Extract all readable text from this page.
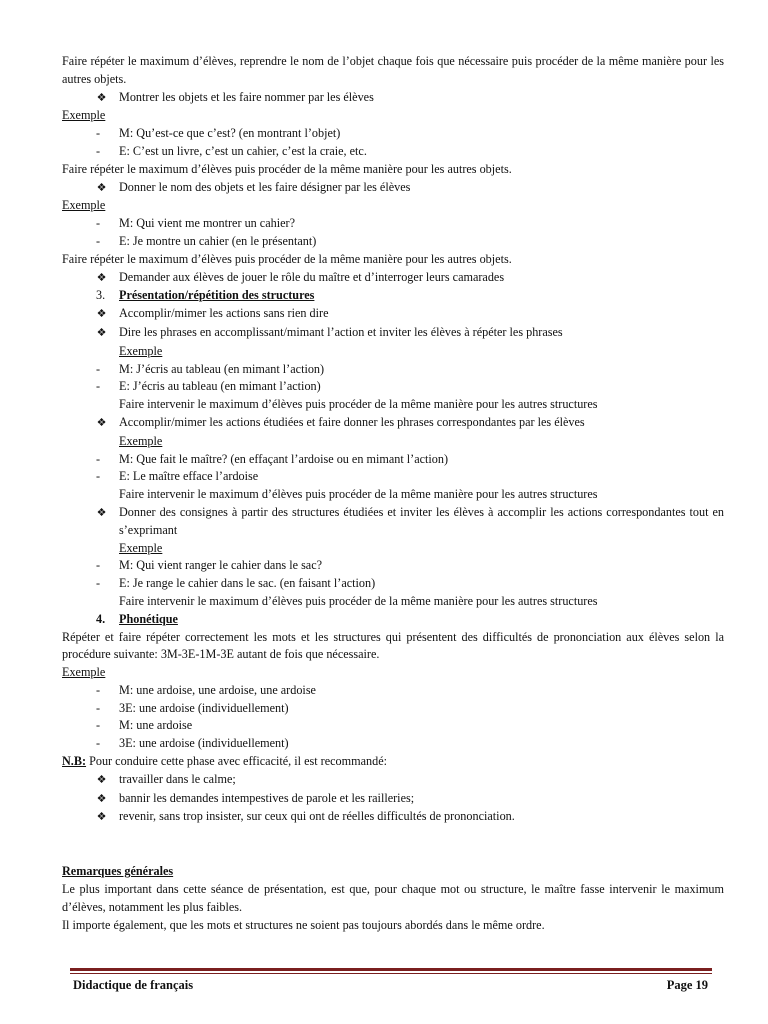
Faire répéter le maximum d’élèves, reprendre le nom de l’objet chaque fois que nécessaire puis procéder de la même manière pour les autres objets.

❖	Montrer les objets et les faire nommer par les élèves

Exemple

-	M: Qu’est-ce que c’est? (en montrant l’objet)
-	E: C’est un livre, c’est un cahier, c’est la craie, etc.

Faire répéter le maximum d’élèves puis procéder de la même manière pour les autres objets.

❖	Donner le nom des objets et les faire désigner par les élèves

Exemple

-	M: Qui vient me montrer un cahier?
-	E: Je montre un cahier (en le présentant)

Faire répéter le maximum d’élèves puis procéder de la même manière pour les autres objets.

❖	Demander aux élèves de jouer le rôle du maître et d’interroger leurs camarades
3.	Présentation/répétition des structures
❖	Accomplir/mimer les actions sans rien dire
❖	Dire les phrases en accomplissant/mimant l’action et inviter les élèves à répéter les phrases

Exemple

-	M: J’écris au tableau (en mimant l’action)
-	E: J’écris au tableau (en mimant l’action)

Faire intervenir le maximum d’élèves puis procéder de la même manière pour les autres structures

❖	Accomplir/mimer les actions étudiées et faire donner les phrases correspondantes par les élèves

Exemple

-	M: Que fait le maître? (en effaçant l’ardoise ou en mimant l’action)
-	E: Le maître efface l’ardoise

Faire intervenir le maximum d’élèves puis procéder de la même manière pour les autres structures

❖	Donner des consignes à partir des structures étudiées et inviter les élèves à accomplir les actions correspondantes tout en s’exprimant

Exemple

-	M: Qui vient ranger le cahier dans le sac?
-	E: Je range le cahier dans le sac. (en faisant l’action)

Faire intervenir le maximum d’élèves puis procéder de la même manière pour les autres structures

4.	Phonétique

Répéter et faire répéter correctement les mots et les structures qui présentent des difficultés de prononciation aux élèves selon la procédure suivante: 3M-3E-1M-3E autant de fois que nécessaire.

Exemple

-	M: une ardoise, une ardoise, une ardoise
-	3E: une ardoise (individuellement)
-	M: une ardoise
-	3E: une ardoise (individuellement)

N.B: Pour conduire cette phase avec efficacité, il est recommandé:

❖	travailler dans le calme;
❖	bannir les demandes intempestives de parole et les railleries;
❖	revenir, sans trop insister, sur ceux qui ont de réelles difficultés de prononciation.

Remarques générales

Le plus important dans cette séance de présentation, est que, pour chaque mot ou structure, le maître fasse intervenir le maximum d’élèves, notamment les plus faibles.

Il importe également, que les mots et structures ne soient pas toujours abordés dans le même ordre.

Didactique de français	Page 19
